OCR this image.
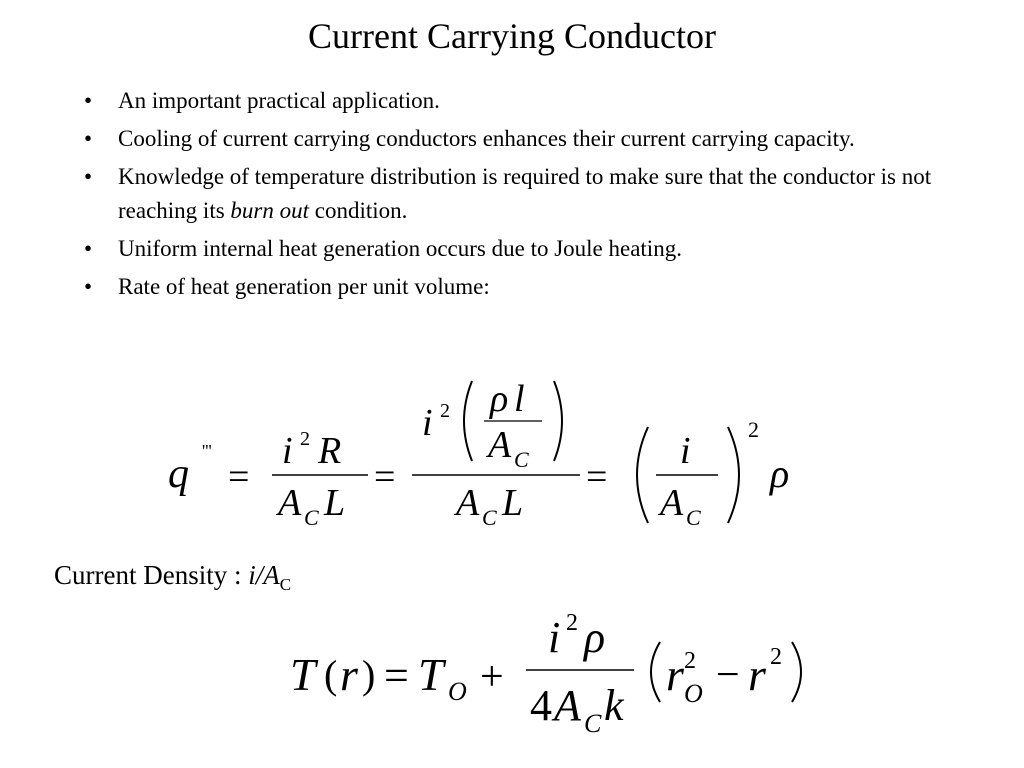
Current Carrying Conductor
• An important practical application.
• Cooling of current carrying conductors enhances their current carrying capacity.
• Knowledge of temperature distribution is required to make sure that the conductor is not reaching its burn out condition.
• Uniform internal heat generation occurs due to Joule heating.
• Rate of heat generation per unit volume:
q '''
=
i 2 R
A C L
=
i 2 ρ l
A C
A C L
=
i
A C
2
ρ
Current Density : $i/A_C$
T ( r ) = T O +
i 2 ρ
4 A C k
r 2
O − r 2
